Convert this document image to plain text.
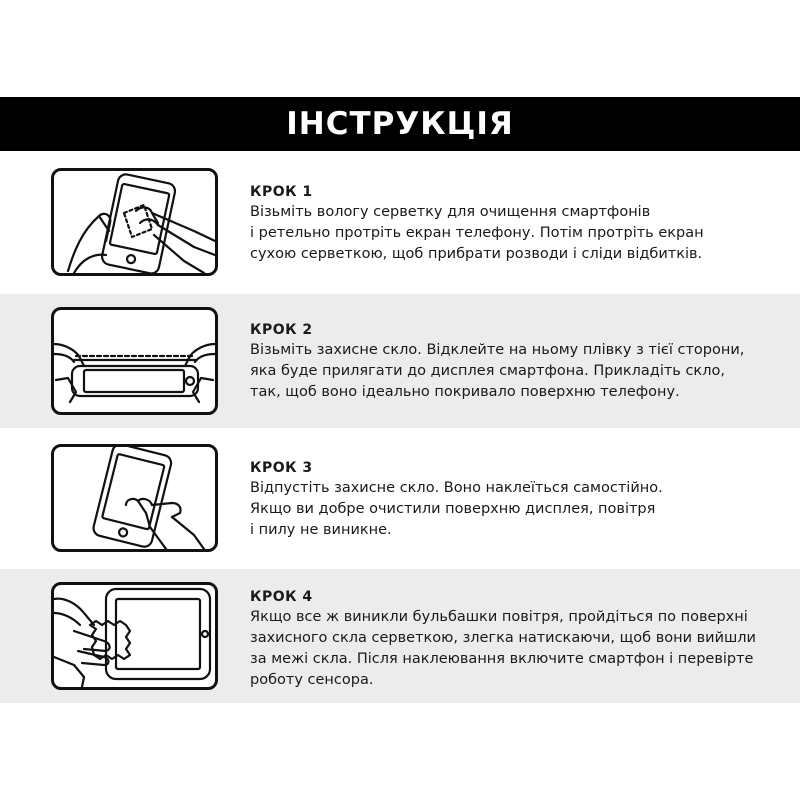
ІНСТРУКЦІЯ
КРОК 1
Візьміть вологу серветку для очищення смартфонів
і ретельно протріть екран телефону. Потім протріть екран
сухою серветкою, щоб прибрати розводи і сліди відбитків.
КРОК 2
Візьміть захисне скло. Відклейте на ньому плівку з тієї сторони,
яка буде прилягати до дисплея смартфона. Прикладіть скло,
так, щоб воно ідеально покривало поверхню телефону.
КРОК 3
Відпустіть захисне скло. Воно наклеїться самостійно.
Якщо ви добре очистили поверхню дисплея, повітря
і пилу не виникне.
КРОК 4
Якщо все ж виникли бульбашки повітря, пройдіться по поверхні
захисного скла серветкою, злегка натискаючи, щоб вони вийшли
за межі скла. Після наклеювання включите смартфон і перевірте
роботу сенсора.
